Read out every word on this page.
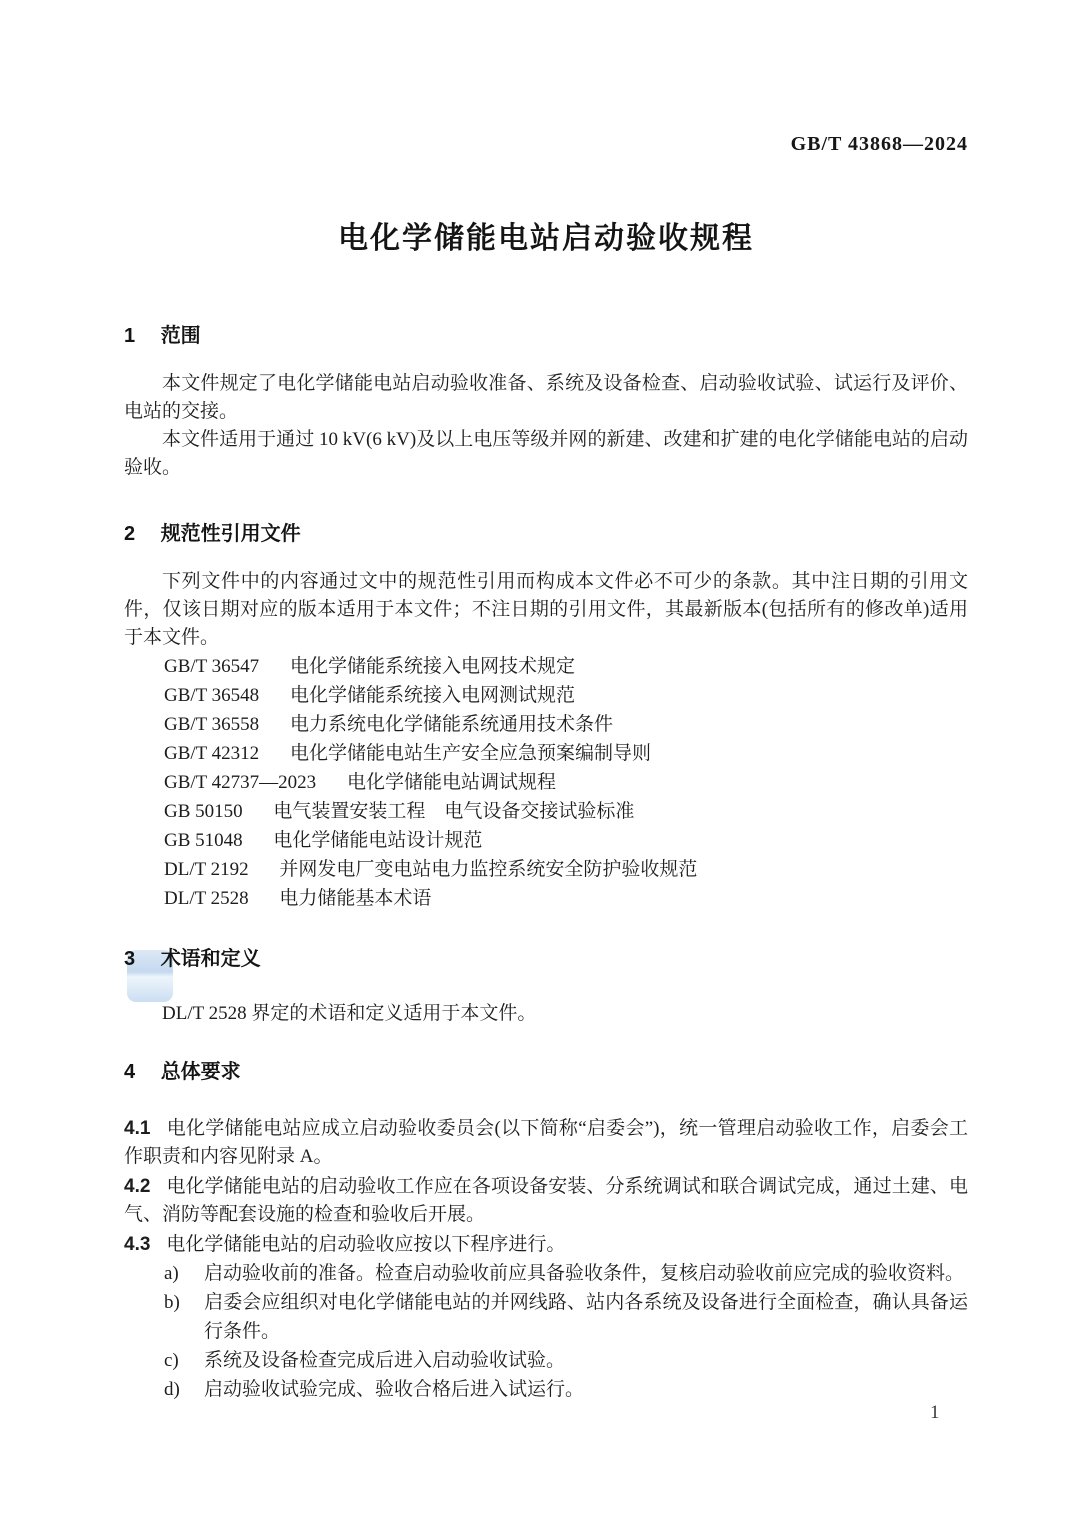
GB/T 43868—2024
电化学储能电站启动验收规程
1 范围

本文件规定了电化学储能电站启动验收准备、系统及设备检查、启动验收试验、试运行及评价、电站的交接。

本文件适用于通过 10 kV(6 kV)及以上电压等级并网的新建、改建和扩建的电化学储能电站的启动验收。

2 规范性引用文件

下列文件中的内容通过文中的规范性引用而构成本文件必不可少的条款。其中注日期的引用文件，仅该日期对应的版本适用于本文件；不注日期的引用文件，其最新版本(包括所有的修改单)适用于本文件。

GB/T 36547 电化学储能系统接入电网技术规定
GB/T 36548 电化学储能系统接入电网测试规范
GB/T 36558 电力系统电化学储能系统通用技术条件
GB/T 42312 电化学储能电站生产安全应急预案编制导则
GB/T 42737—2023 电化学储能电站调试规程
GB 50150 电气装置安装工程　电气设备交接试验标准
GB 51048 电化学储能电站设计规范
DL/T 2192 并网发电厂变电站电力监控系统安全防护验收规范
DL/T 2528 电力储能基本术语
3 术语和定义

DL/T 2528 界定的术语和定义适用于本文件。

4 总体要求

4.1 电化学储能电站应成立启动验收委员会(以下简称“启委会”)，统一管理启动验收工作，启委会工作职责和内容见附录 A。

4.2 电化学储能电站的启动验收工作应在各项设备安装、分系统调试和联合调试完成，通过土建、电气、消防等配套设施的检查和验收后开展。

4.3 电化学储能电站的启动验收应按以下程序进行。

a) 启动验收前的准备。检查启动验收前应具备验收条件，复核启动验收前应完成的验收资料。
b) 启委会应组织对电化学储能电站的并网线路、站内各系统及设备进行全面检查，确认具备运行条件。
c) 系统及设备检查完成后进入启动验收试验。
d) 启动验收试验完成、验收合格后进入试运行。
1
